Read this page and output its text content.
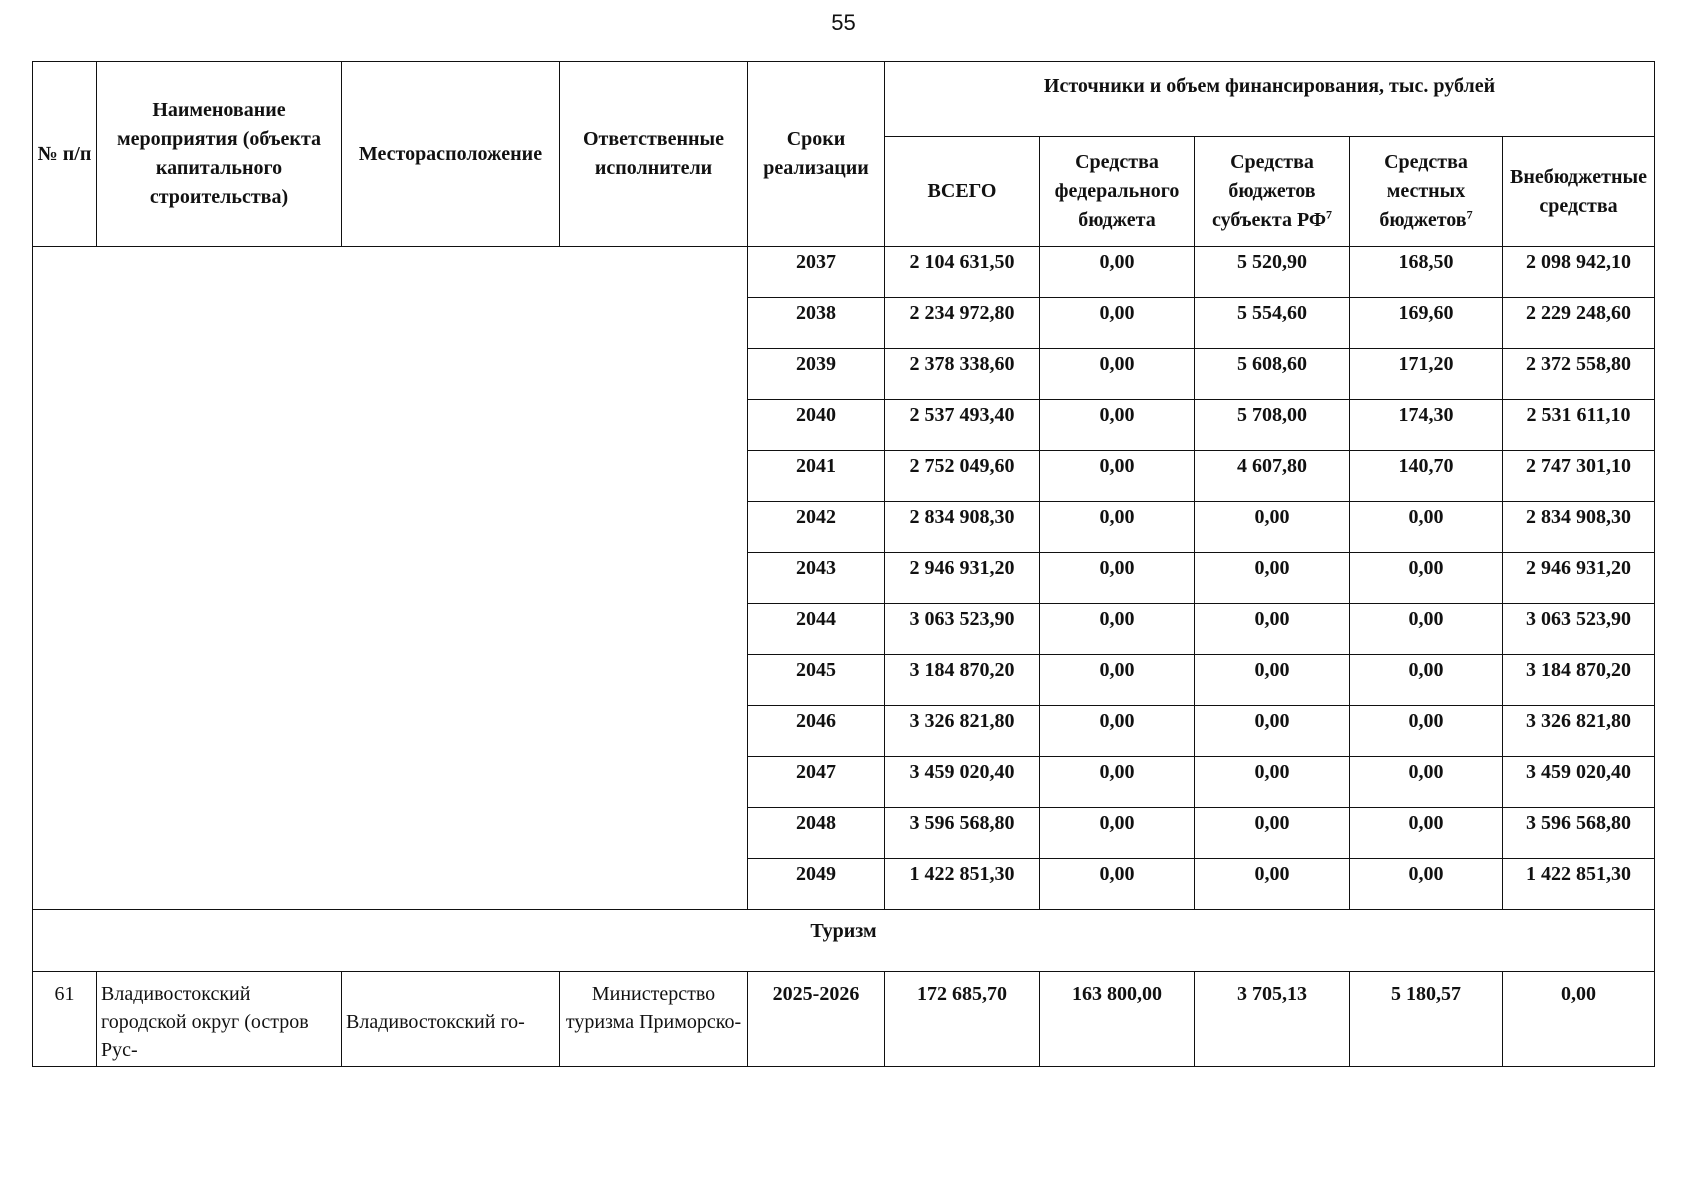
55
№ п/п	Наименование мероприятия (объекта капитального строительства)	Месторасположение	Ответственные исполнители	Сроки реализации	Источники и объем финансирования, тыс. рублей				
					ВСЕГО	Средства федерального бюджета	Средства бюджетов субъекта $РФ^7$	Средства местных бюджетов$^7$	Внебюджетные средства
				2037	2 104 631,50	0,00	5 520,90	168,50	2 098 942,10
				2038	2 234 972,80	0,00	5 554,60	169,60	2 229 248,60
				2039	2 378 338,60	0,00	5 608,60	171,20	2 372 558,80
				2040	2 537 493,40	0,00	5 708,00	174,30	2 531 611,10
				2041	2 752 049,60	0,00	4 607,80	140,70	2 747 301,10
				2042	2 834 908,30	0,00	0,00	0,00	2 834 908,30
				2043	2 946 931,20	0,00	0,00	0,00	2 946 931,20
				2044	3 063 523,90	0,00	0,00	0,00	3 063 523,90
				2045	3 184 870,20	0,00	0,00	0,00	3 184 870,20
				2046	3 326 821,80	0,00	0,00	0,00	3 326 821,80
				2047	3 459 020,40	0,00	0,00	0,00	3 459 020,40
				2048	3 596 568,80	0,00	0,00	0,00	3 596 568,80
				2049	1 422 851,30	0,00	0,00	0,00	1 422 851,30
Туризм									
61	Владивостокский городской округ (остров Рус-	Владивостокский го-	Министерство туризма Приморско-	2025-2026	172 685,70	163 800,00	3 705,13	5 180,57	0,00
